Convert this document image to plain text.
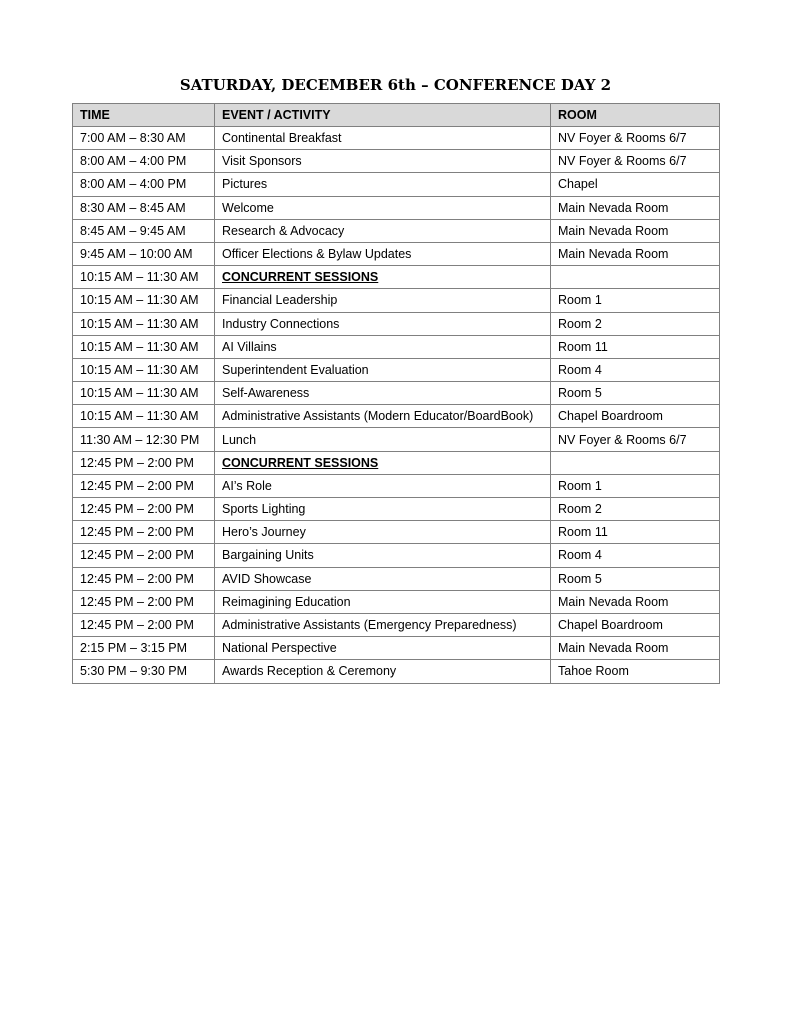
SATURDAY, DECEMBER 6th – CONFERENCE DAY 2
TIME	EVENT / ACTIVITY	ROOM
7:00 AM – 8:30 AM	Continental Breakfast	NV Foyer & Rooms 6/7
8:00 AM – 4:00 PM	Visit Sponsors	NV Foyer & Rooms 6/7
8:00 AM – 4:00 PM	Pictures	Chapel
8:30 AM – 8:45 AM	Welcome	Main Nevada Room
8:45 AM – 9:45 AM	Research & Advocacy	Main Nevada Room
9:45 AM – 10:00 AM	Officer Elections & Bylaw Updates	Main Nevada Room
10:15 AM – 11:30 AM	CONCURRENT SESSIONS	
10:15 AM – 11:30 AM	Financial Leadership	Room 1
10:15 AM – 11:30 AM	Industry Connections	Room 2
10:15 AM – 11:30 AM	AI Villains	Room 11
10:15 AM – 11:30 AM	Superintendent Evaluation	Room 4
10:15 AM – 11:30 AM	Self-Awareness	Room 5
10:15 AM – 11:30 AM	Administrative Assistants (Modern Educator/BoardBook)	Chapel Boardroom
11:30 AM – 12:30 PM	Lunch	NV Foyer & Rooms 6/7
12:45 PM – 2:00 PM	CONCURRENT SESSIONS	
12:45 PM – 2:00 PM	AI’s Role	Room 1
12:45 PM – 2:00 PM	Sports Lighting	Room 2
12:45 PM – 2:00 PM	Hero’s Journey	Room 11
12:45 PM – 2:00 PM	Bargaining Units	Room 4
12:45 PM – 2:00 PM	AVID Showcase	Room 5
12:45 PM – 2:00 PM	Reimagining Education	Main Nevada Room
12:45 PM – 2:00 PM	Administrative Assistants (Emergency Preparedness)	Chapel Boardroom
2:15 PM – 3:15 PM	National Perspective	Main Nevada Room
5:30 PM – 9:30 PM	Awards Reception & Ceremony	Tahoe Room
